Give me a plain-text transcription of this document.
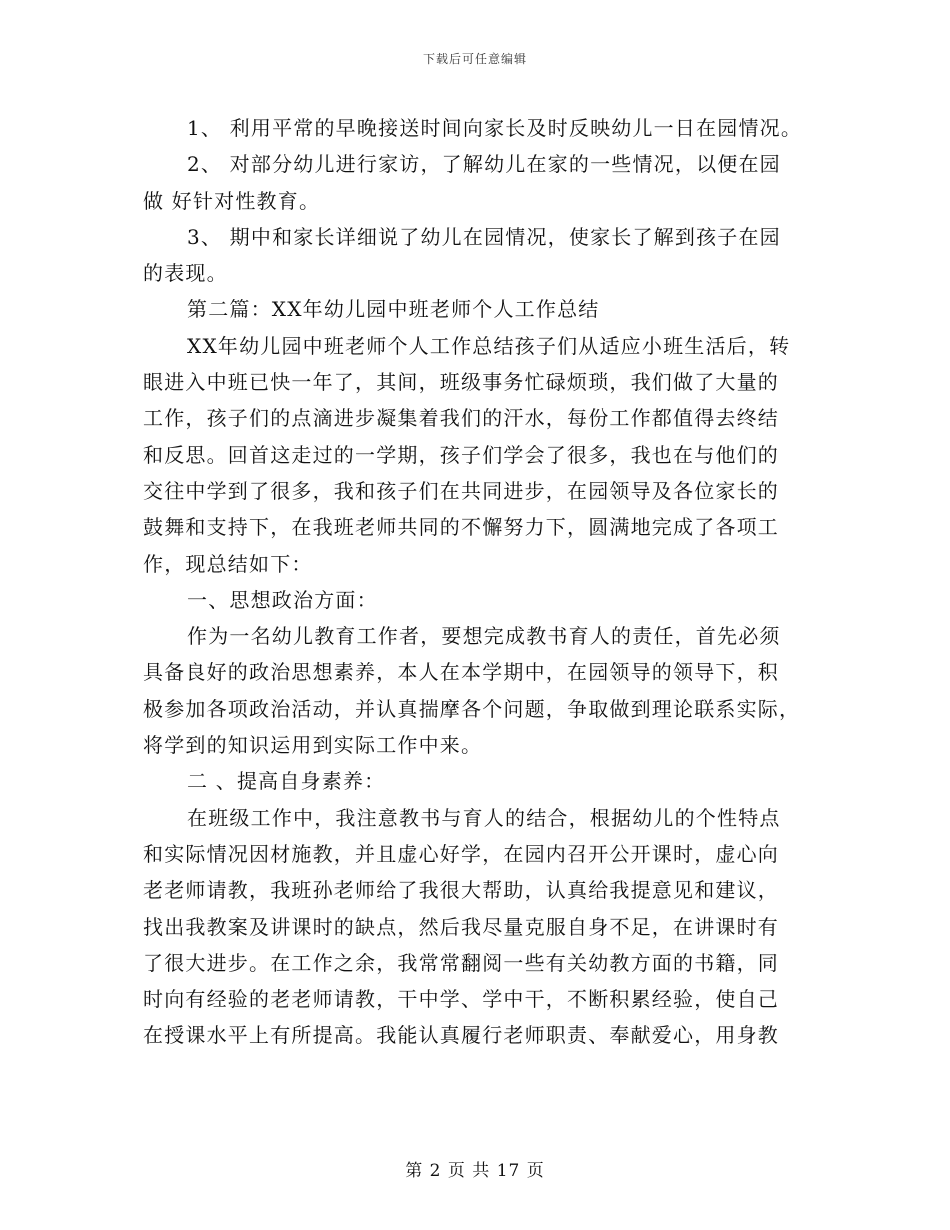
下载后可任意编辑
1、 利用平常的早晚接送时间向家长及时反映幼儿一日在园情况。
2、 对部分幼儿进行家访，了解幼儿在家的一些情况，以便在园
做 好针对性教育。
3、 期中和家长详细说了幼儿在园情况，使家长了解到孩子在园
的表现。
第二篇：XX年幼儿园中班老师个人工作总结
XX年幼儿园中班老师个人工作总结孩子们从适应小班生活后，转
眼进入中班已快一年了，其间，班级事务忙碌烦琐，我们做了大量的
工作，孩子们的点滴进步凝集着我们的汗水，每份工作都值得去终结
和反思。回首这走过的一学期，孩子们学会了很多，我也在与他们的
交往中学到了很多，我和孩子们在共同进步，在园领导及各位家长的
鼓舞和支持下，在我班老师共同的不懈努力下，圆满地完成了各项工
作，现总结如下：
一、思想政治方面：
作为一名幼儿教育工作者，要想完成教书育人的责任，首先必须
具备良好的政治思想素养，本人在本学期中，在园领导的领导下，积
极参加各项政治活动，并认真揣摩各个问题，争取做到理论联系实际，
将学到的知识运用到实际工作中来。
二 、提高自身素养：
在班级工作中，我注意教书与育人的结合，根据幼儿的个性特点
和实际情况因材施教，并且虚心好学，在园内召开公开课时，虚心向
老老师请教，我班孙老师给了我很大帮助，认真给我提意见和建议，
找出我教案及讲课时的缺点，然后我尽量克服自身不足，在讲课时有
了很大进步。在工作之余，我常常翻阅一些有关幼教方面的书籍，同
时向有经验的老老师请教，干中学、学中干，不断积累经验，使自己
在授课水平上有所提高。我能认真履行老师职责、奉献爱心，用身教
第 2 页 共 17 页
